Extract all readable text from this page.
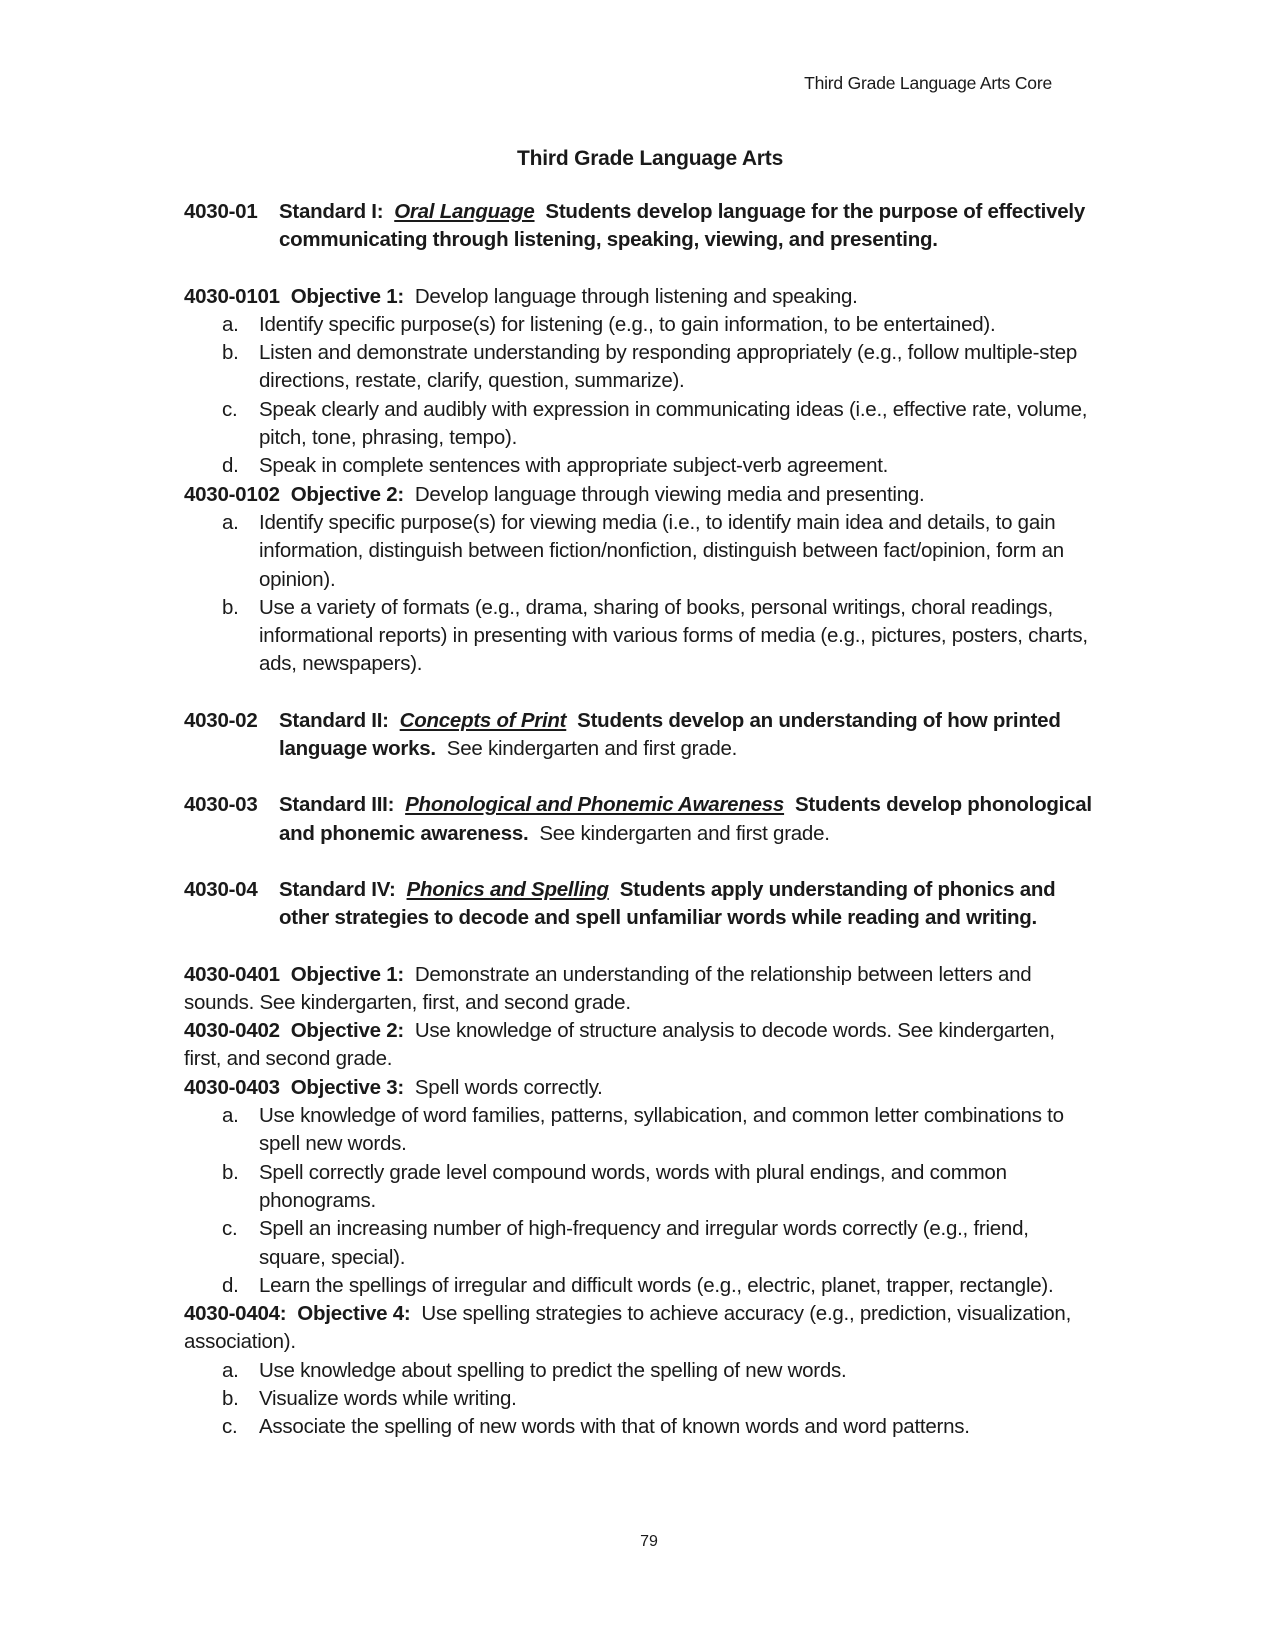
Third Grade Language Arts Core
Third Grade Language Arts
4030-01 Standard I: Oral Language Students develop language for the purpose of effectively communicating through listening, speaking, viewing, and presenting.
4030-0101 Objective 1: Develop language through listening and speaking.
a. Identify specific purpose(s) for listening (e.g., to gain information, to be entertained).
b. Listen and demonstrate understanding by responding appropriately (e.g., follow multiple-step directions, restate, clarify, question, summarize).
c. Speak clearly and audibly with expression in communicating ideas (i.e., effective rate, volume, pitch, tone, phrasing, tempo).
d. Speak in complete sentences with appropriate subject-verb agreement.
4030-0102 Objective 2: Develop language through viewing media and presenting.
a. Identify specific purpose(s) for viewing media (i.e., to identify main idea and details, to gain information, distinguish between fiction/nonfiction, distinguish between fact/opinion, form an opinion).
b. Use a variety of formats (e.g., drama, sharing of books, personal writings, choral readings, informational reports) in presenting with various forms of media (e.g., pictures, posters, charts, ads, newspapers).
4030-02 Standard II: Concepts of Print Students develop an understanding of how printed language works. See kindergarten and first grade.
4030-03 Standard III: Phonological and Phonemic Awareness Students develop phonological and phonemic awareness. See kindergarten and first grade.
4030-04 Standard IV: Phonics and Spelling Students apply understanding of phonics and other strategies to decode and spell unfamiliar words while reading and writing.
4030-0401 Objective 1: Demonstrate an understanding of the relationship between letters and sounds. See kindergarten, first, and second grade.
4030-0402 Objective 2: Use knowledge of structure analysis to decode words. See kindergarten, first, and second grade.
4030-0403 Objective 3: Spell words correctly.
a. Use knowledge of word families, patterns, syllabication, and common letter combinations to spell new words.
b. Spell correctly grade level compound words, words with plural endings, and common phonograms.
c. Spell an increasing number of high-frequency and irregular words correctly (e.g., friend, square, special).
d. Learn the spellings of irregular and difficult words (e.g., electric, planet, trapper, rectangle).
4030-0404: Objective 4: Use spelling strategies to achieve accuracy (e.g., prediction, visualization, association).
a. Use knowledge about spelling to predict the spelling of new words.
b. Visualize words while writing.
c. Associate the spelling of new words with that of known words and word patterns.
79
